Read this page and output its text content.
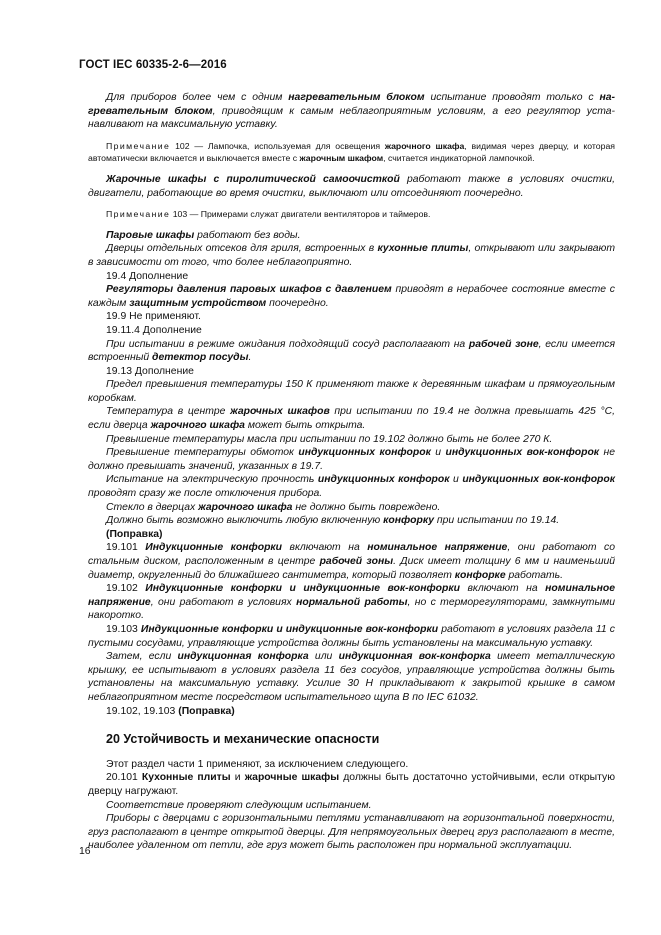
ГОСТ IEC 60335-2-6—2016

Для приборов более чем с одним нагревательным блоком испытание проводят только с нагревательным блоком, приводящим к самым неблагоприятным условиям, а его регулятор устанавливают на максимальную уставку.

Примечание 102 — Лампочка, используемая для освещения жарочного шкафа, видимая через дверцу, и которая автоматически включается и выключается вместе с жарочным шкафом, считается индикаторной лампочкой.

Жарочные шкафы с пиролитической самоочисткой работают также в условиях очистки, двигатели, работающие во время очистки, выключают или отсоединяют поочередно.

Примечание 103 — Примерами служат двигатели вентиляторов и таймеров.

Паровые шкафы работают без воды.

Дверцы отдельных отсеков для гриля, встроенных в кухонные плиты, открывают или закрывают в зависимости от того, что более неблагоприятно.

19.4 Дополнение

Регуляторы давления паровых шкафов с давлением приводят в нерабочее состояние вместе с каждым защитным устройством поочередно.

19.9 Не применяют.

19.11.4 Дополнение

При испытании в режиме ожидания подходящий сосуд располагают на рабочей зоне, если имеется встроенный детектор посуды.

19.13 Дополнение

Предел превышения температуры 150 К применяют также к деревянным шкафам и прямоугольным коробкам.

Температура в центре жарочных шкафов при испытании по 19.4 не должна превышать 425 °С, если дверца жарочного шкафа может быть открыта.

Превышение температуры масла при испытании по 19.102 должно быть не более 270 К.

Превышение температуры обмоток индукционных конфорок и индукционных вок-конфорок не должно превышать значений, указанных в 19.7.

Испытание на электрическую прочность индукционных конфорок и индукционных вок-конфорок проводят сразу же после отключения прибора.

Стекло в дверцах жарочного шкафа не должно быть повреждено.

Должно быть возможно выключить любую включенную конфорку при испытании по 19.14.

(Поправка)

19.101 Индукционные конфорки включают на номинальное напряжение, они работают со стальным диском, расположенным в центре рабочей зоны. Диск имеет толщину 6 мм и наименьший диаметр, округленный до ближайшего сантиметра, который позволяет конфорке работать.

19.102 Индукционные конфорки и индукционные вок-конфорки включают на номинальное напряжение, они работают в условиях нормальной работы, но с терморегуляторами, замкнутыми накоротко.

19.103 Индукционные конфорки и индукционные вок-конфорки работают в условиях раздела 11 с пустыми сосудами, управляющие устройства должны быть установлены на максимальную уставку.

Затем, если индукционная конфорка или индукционная вок-конфорка имеет металлическую крышку, ее испытывают в условиях раздела 11 без сосудов, управляющие устройства должны быть установлены на максимальную уставку. Усилие 30 Н прикладывают к закрытой крышке в самом неблагоприятном месте посредством испытательного щупа В по IEC 61032.

19.102, 19.103 (Поправка)

20 Устойчивость и механические опасности

Этот раздел части 1 применяют, за исключением следующего.

20.101 Кухонные плиты и жарочные шкафы должны быть достаточно устойчивыми, если открытую дверцу нагружают.

Соответствие проверяют следующим испытанием.

Приборы с дверцами с горизонтальными петлями устанавливают на горизонтальной поверхности, груз располагают в центре открытой дверцы. Для непрямоугольных дверец груз располагают в месте, наиболее удаленном от петли, где груз может быть расположен при нормальной эксплуатации.

16
